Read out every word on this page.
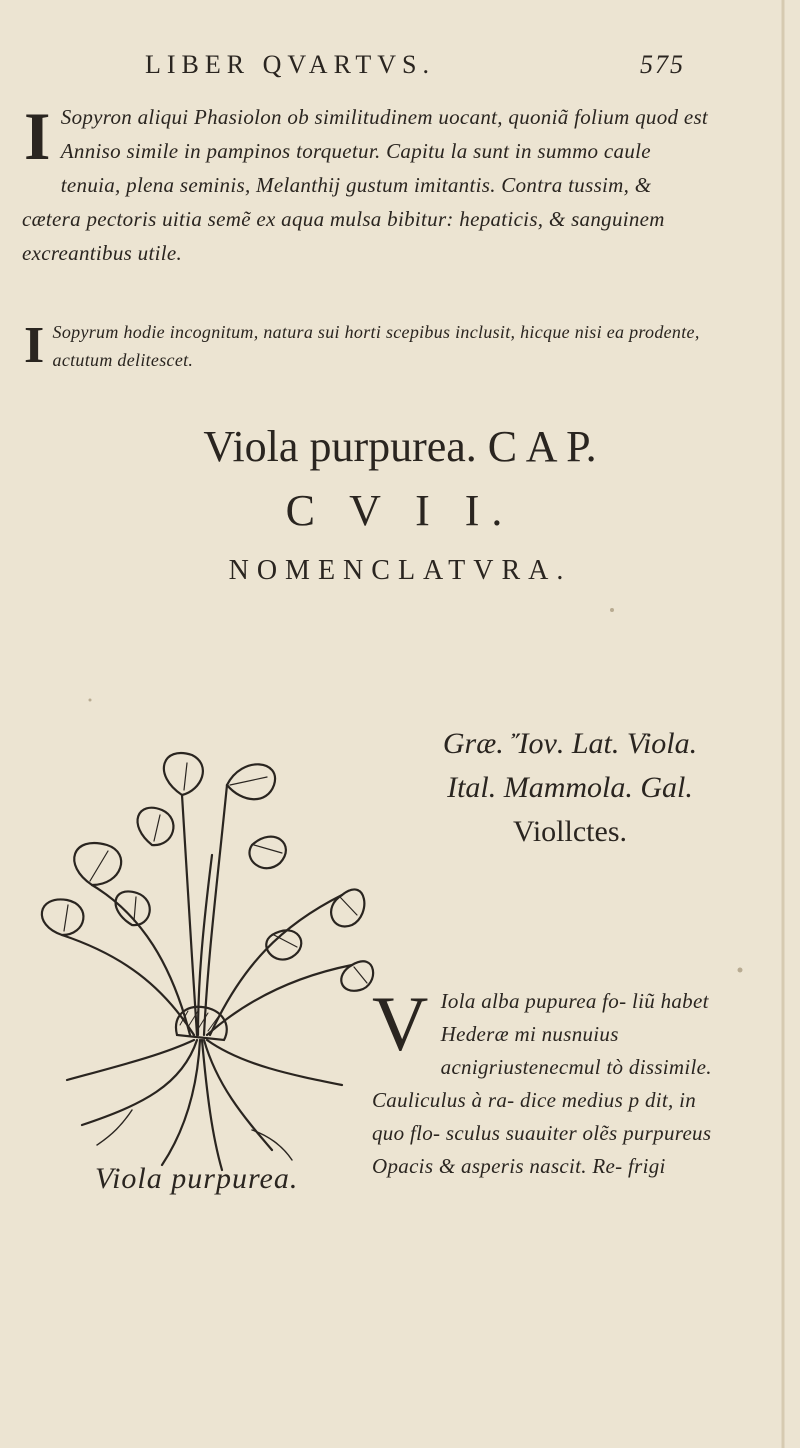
LIBER QVARTVS.	575

I Sopyron aliqui Phasiolon ob similitudinem uocant, quoniã folium quod est Anniso simile in pampinos torquetur. Capitu la sunt in summo caule tenuia, plena seminis, Melanthij gustum imitantis. Contra tussim, & cætera pectoris uitia semẽ ex aqua mulsa bibitur: hepaticis, & sanguinem excreantibus utile.

I Sopyrum hodie incognitum, natura sui horti scepibus inclusit, hicque nisi ea prodente, actutum delitescet.

Viola purpurea. C A P.
C V I I.
NOMENCLATVRA.
Græ. Ἴον. Lat. Viola.
Ital. Mammola. Gal.
Viollctes.

V Iola alba pupurea fo- liũ habet Hederæ mi nusnuius acnigriustenecmul tò dissimile. Cauliculus à ra- dice medius p dit, in quo flo- sculus suauiter olẽs purpureus Opacis & asperis nascit. Re- frigi

Viola purpurea.
